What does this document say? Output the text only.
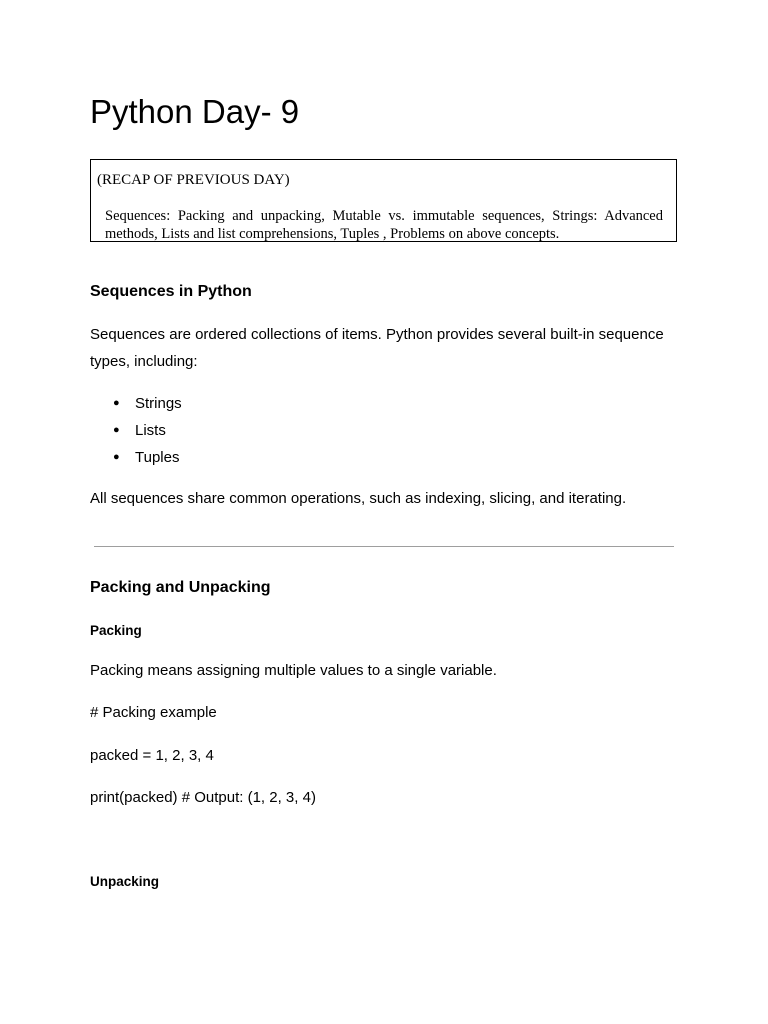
Python Day- 9
(RECAP OF PREVIOUS DAY)
Sequences: Packing and unpacking, Mutable vs. immutable sequences, Strings: Advanced methods, Lists and list comprehensions, Tuples , Problems on above concepts.
Sequences in Python

Sequences are ordered collections of items. Python provides several built-in sequence types, including:

● Strings
● Lists
● Tuples

All sequences share common operations, such as indexing, slicing, and iterating.

Packing and Unpacking
Packing

Packing means assigning multiple values to a single variable.

# Packing example

packed = 1, 2, 3, 4

print(packed) # Output: (1, 2, 3, 4)

Unpacking
